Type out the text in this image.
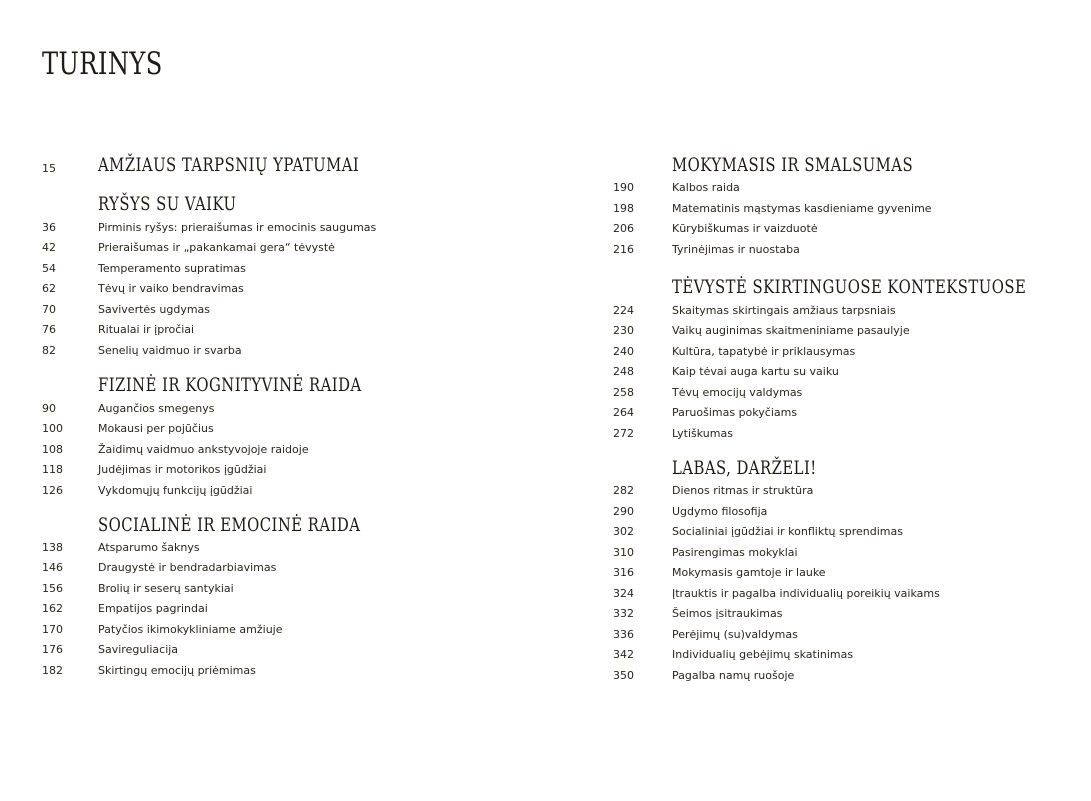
TURINYS
15 AMŽIAUS TARPSNIŲ YPATUMAI
RYŠYS SU VAIKU
36	Pirminis ryšys: prieraišumas ir emocinis saugumas
42	Prieraišumas ir „pakankamai gera“ tėvystė
54	Temperamento supratimas
62	Tėvų ir vaiko bendravimas
70	Savivertės ugdymas
76	Ritualai ir įpročiai
82	Senelių vaidmuo ir svarba
FIZINĖ IR KOGNITYVINĖ RAIDA
90	Augančios smegenys
100	Mokausi per pojūčius
108	Žaidimų vaidmuo ankstyvojoje raidoje
118	Judėjimas ir motorikos įgūdžiai
126	Vykdomųjų funkcijų įgūdžiai
SOCIALINĖ IR EMOCINĖ RAIDA
138	Atsparumo šaknys
146	Draugystė ir bendradarbiavimas
156	Brolių ir seserų santykiai
162	Empatijos pagrindai
170	Patyčios ikimokykliniame amžiuje
176	Savireguliacija
182	Skirtingų emocijų priėmimas
MOKYMASIS IR SMALSUMAS
190	Kalbos raida
198	Matematinis mąstymas kasdieniame gyvenime
206	Kūrybiškumas ir vaizduotė
216	Tyrinėjimas ir nuostaba
TĖVYSTĖ SKIRTINGUOSE KONTEKSTUOSE
224	Skaitymas skirtingais amžiaus tarpsniais
230	Vaikų auginimas skaitmeniniame pasaulyje
240	Kultūra, tapatybė ir priklausymas
248	Kaip tėvai auga kartu su vaiku
258	Tėvų emocijų valdymas
264	Paruošimas pokyčiams
272	Lytiškumas
LABAS, DARŽELI!
282	Dienos ritmas ir struktūra
290	Ugdymo filosofija
302	Socialiniai įgūdžiai ir konfliktų sprendimas
310	Pasirengimas mokyklai
316	Mokymasis gamtoje ir lauke
324	Įtrauktis ir pagalba individualių poreikių vaikams
332	Šeimos įsitraukimas
336	Perėjimų (su)valdymas
342	Individualių gebėjimų skatinimas
350	Pagalba namų ruošoje
